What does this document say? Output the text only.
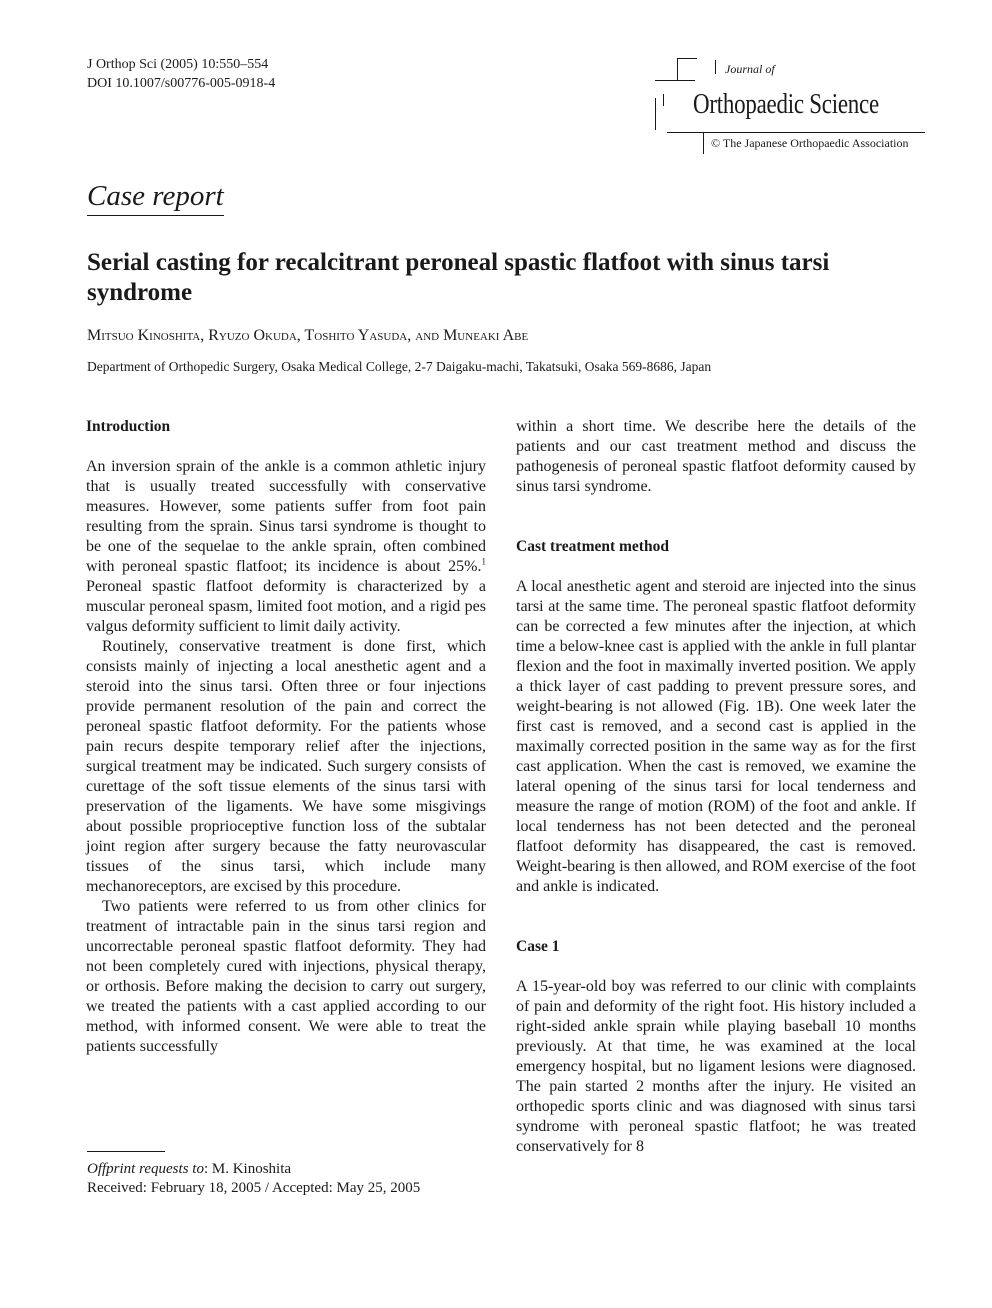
J Orthop Sci (2005) 10:550–554
DOI 10.1007/s00776-005-0918-4
Journal of
Orthopaedic Science
© The Japanese Orthopaedic Association
Case report
Serial casting for recalcitrant peroneal spastic flatfoot with sinus tarsi syndrome
Mitsuo Kinoshita, Ryuzo Okuda, Toshito Yasuda, and Muneaki Abe
Department of Orthopedic Surgery, Osaka Medical College, 2-7 Daigaku-machi, Takatsuki, Osaka 569-8686, Japan
Introduction

An inversion sprain of the ankle is a common athletic injury that is usually treated successfully with conservative measures. However, some patients suffer from foot pain resulting from the sprain. Sinus tarsi syndrome is thought to be one of the sequelae to the ankle sprain, often combined with peroneal spastic flatfoot; its incidence is about 25%.$^1$ Peroneal spastic flatfoot deformity is characterized by a muscular peroneal spasm, limited foot motion, and a rigid pes valgus deformity sufficient to limit daily activity.

Routinely, conservative treatment is done first, which consists mainly of injecting a local anesthetic agent and a steroid into the sinus tarsi. Often three or four injections provide permanent resolution of the pain and correct the peroneal spastic flatfoot deformity. For the patients whose pain recurs despite temporary relief after the injections, surgical treatment may be indicated. Such surgery consists of curettage of the soft tissue elements of the sinus tarsi with preservation of the ligaments. We have some misgivings about possible proprioceptive function loss of the subtalar joint region after surgery because the fatty neurovascular tissues of the sinus tarsi, which include many mechanoreceptors, are excised by this procedure.

Two patients were referred to us from other clinics for treatment of intractable pain in the sinus tarsi region and uncorrectable peroneal spastic flatfoot deformity. They had not been completely cured with injections, physical therapy, or orthosis. Before making the decision to carry out surgery, we treated the patients with a cast applied according to our method, with informed consent. We were able to treat the patients successfully

within a short time. We describe here the details of the patients and our cast treatment method and discuss the pathogenesis of peroneal spastic flatfoot deformity caused by sinus tarsi syndrome.

Cast treatment method

A local anesthetic agent and steroid are injected into the sinus tarsi at the same time. The peroneal spastic flatfoot deformity can be corrected a few minutes after the injection, at which time a below-knee cast is applied with the ankle in full plantar flexion and the foot in maximally inverted position. We apply a thick layer of cast padding to prevent pressure sores, and weight-bearing is not allowed (Fig. 1B). One week later the first cast is removed, and a second cast is applied in the maximally corrected position in the same way as for the first cast application. When the cast is removed, we examine the lateral opening of the sinus tarsi for local tenderness and measure the range of motion (ROM) of the foot and ankle. If local tenderness has not been detected and the peroneal flatfoot deformity has disappeared, the cast is removed. Weight-bearing is then allowed, and ROM exercise of the foot and ankle is indicated.

Case 1

A 15-year-old boy was referred to our clinic with complaints of pain and deformity of the right foot. His history included a right-sided ankle sprain while playing baseball 10 months previously. At that time, he was examined at the local emergency hospital, but no ligament lesions were diagnosed. The pain started 2 months after the injury. He visited an orthopedic sports clinic and was diagnosed with sinus tarsi syndrome with peroneal spastic flatfoot; he was treated conservatively for 8

Offprint requests to: M. Kinoshita
Received: February 18, 2005 / Accepted: May 25, 2005
